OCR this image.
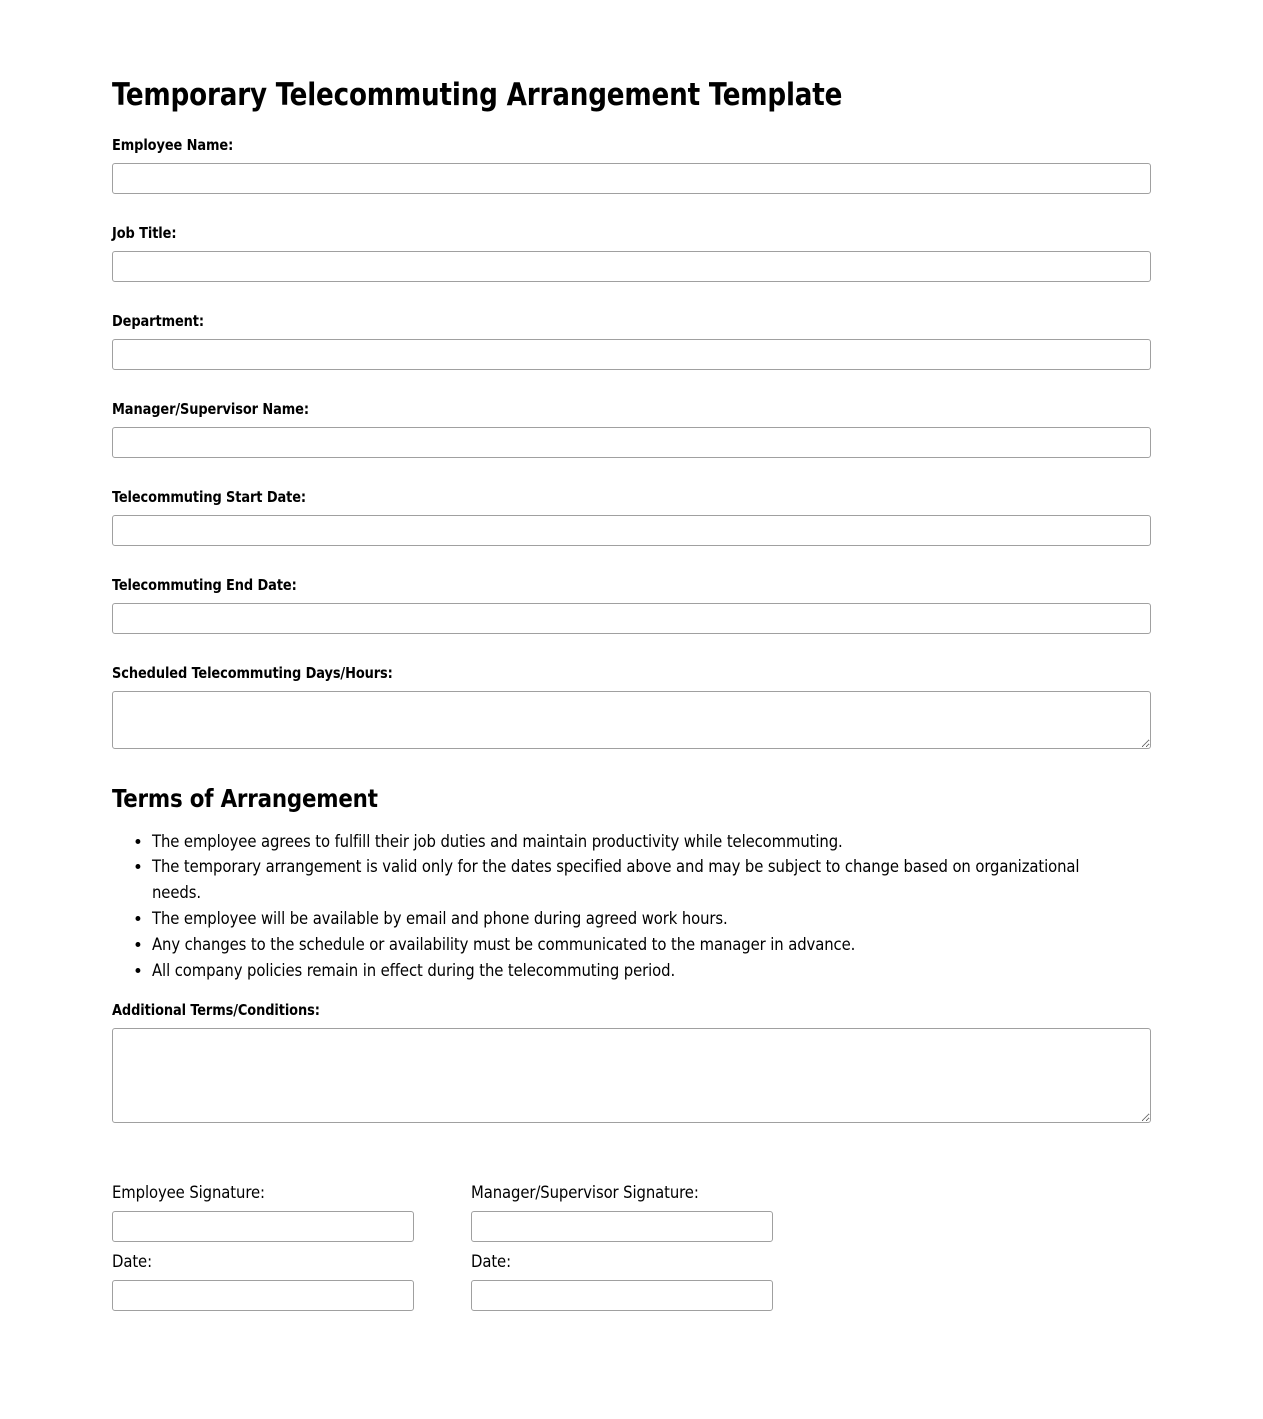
Temporary Telecommuting Arrangement Template
Employee Name:
Job Title:
Department:
Manager/Supervisor Name:
Telecommuting Start Date:
Telecommuting End Date:
Scheduled Telecommuting Days/Hours:
Terms of Arrangement
• The employee agrees to fulfill their job duties and maintain productivity while telecommuting.
• The temporary arrangement is valid only for the dates specified above and may be subject to change based on organizational needs.
• The employee will be available by email and phone during agreed work hours.
• Any changes to the schedule or availability must be communicated to the manager in advance.
• All company policies remain in effect during the telecommuting period.
Additional Terms/Conditions:
Employee Signature:
Date:
Manager/Supervisor Signature:
Date:
